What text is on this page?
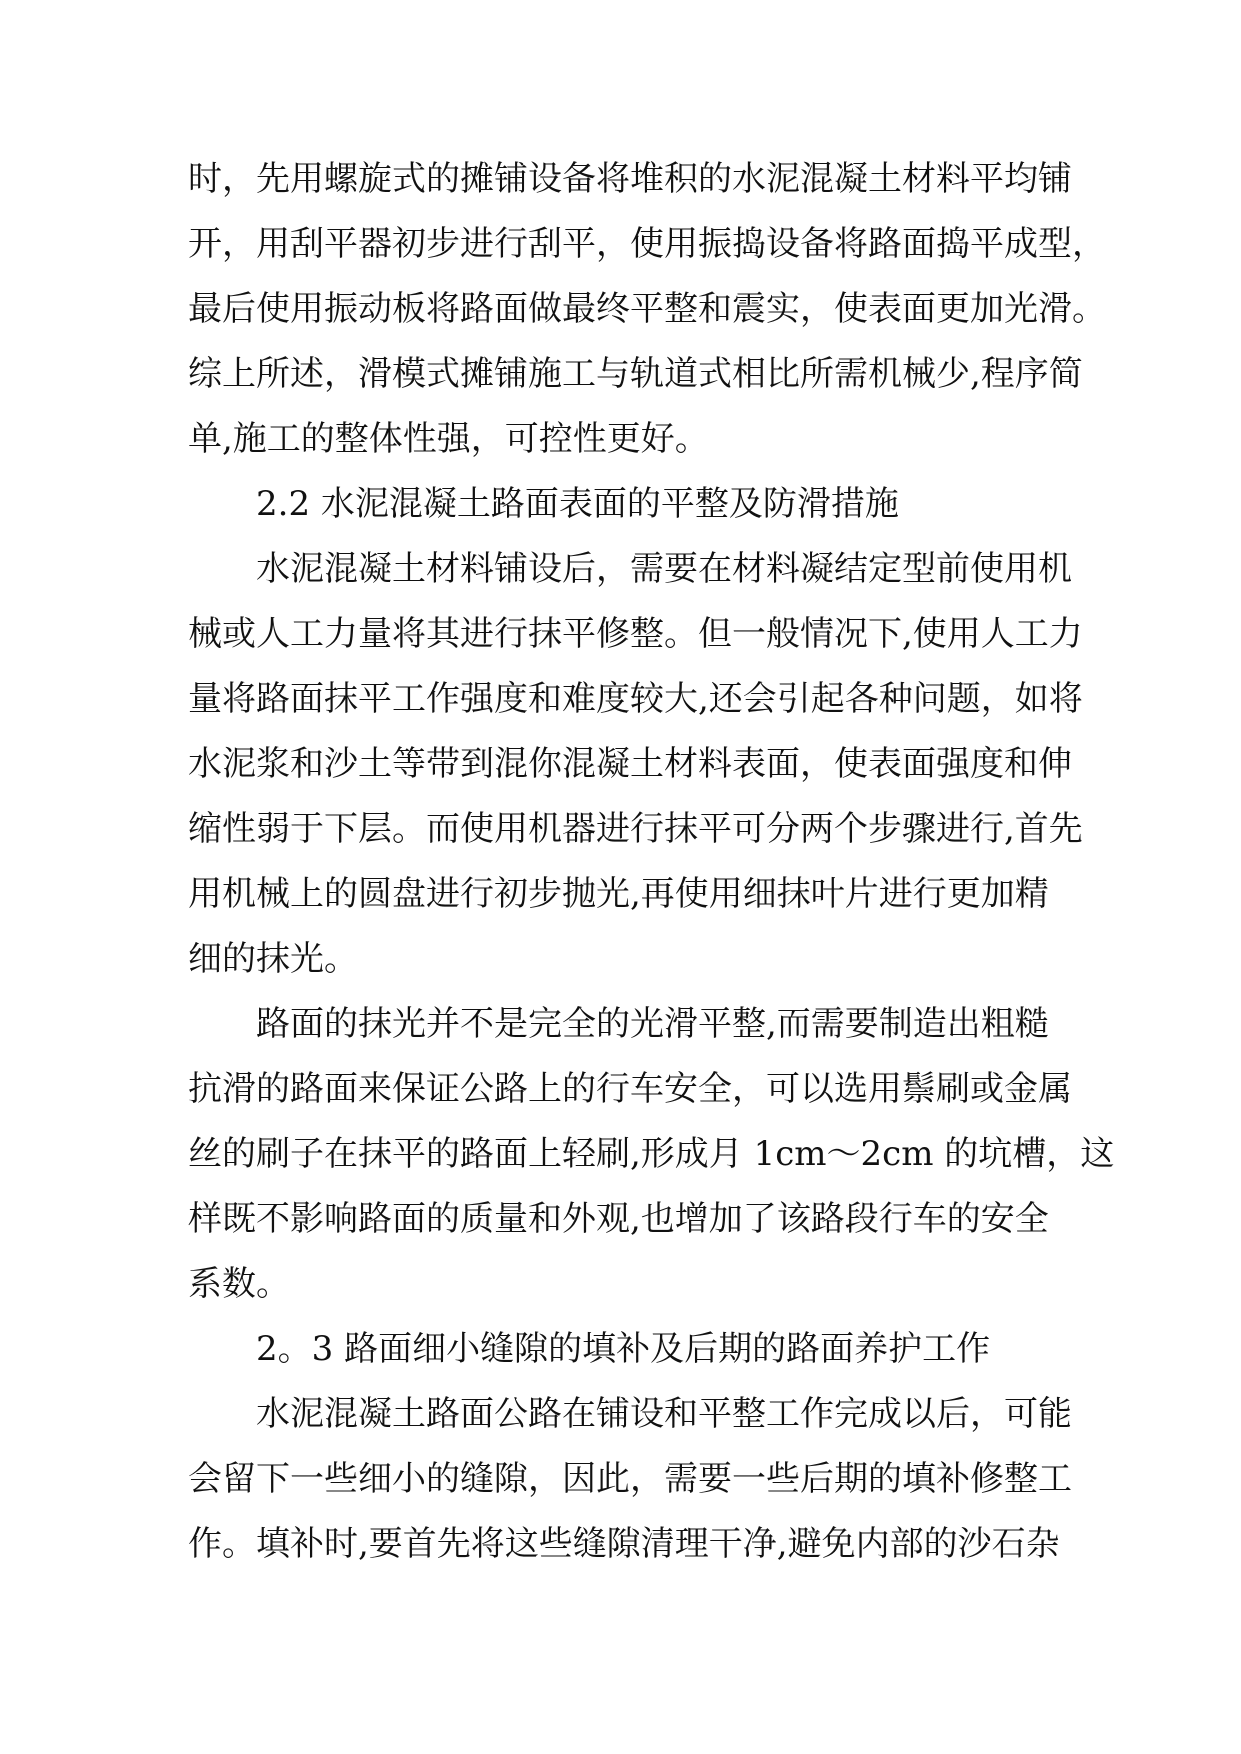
时，先用螺旋式的摊铺设备将堆积的水泥混凝土材料平均铺

开，用刮平器初步进行刮平，使用振捣设备将路面捣平成型，

最后使用振动板将路面做最终平整和震实，使表面更加光滑。

综上所述，滑模式摊铺施工与轨道式相比所需机械少,程序简

单,施工的整体性强，可控性更好。

2.2 水泥混凝土路面表面的平整及防滑措施

水泥混凝土材料铺设后，需要在材料凝结定型前使用机

械或人工力量将其进行抹平修整。但一般情况下,使用人工力

量将路面抹平工作强度和难度较大,还会引起各种问题，如将

水泥浆和沙土等带到混你混凝土材料表面，使表面强度和伸

缩性弱于下层。而使用机器进行抹平可分两个步骤进行,首先

用机械上的圆盘进行初步抛光,再使用细抹叶片进行更加精

细的抹光。

路面的抹光并不是完全的光滑平整,而需要制造出粗糙

抗滑的路面来保证公路上的行车安全，可以选用鬃刷或金属

丝的刷子在抹平的路面上轻刷,形成月 1cm～2cm 的坑槽，这

样既不影响路面的质量和外观,也增加了该路段行车的安全

系数。

2。3 路面细小缝隙的填补及后期的路面养护工作

水泥混凝土路面公路在铺设和平整工作完成以后，可能

会留下一些细小的缝隙，因此，需要一些后期的填补修整工

作。填补时,要首先将这些缝隙清理干净,避免内部的沙石杂
